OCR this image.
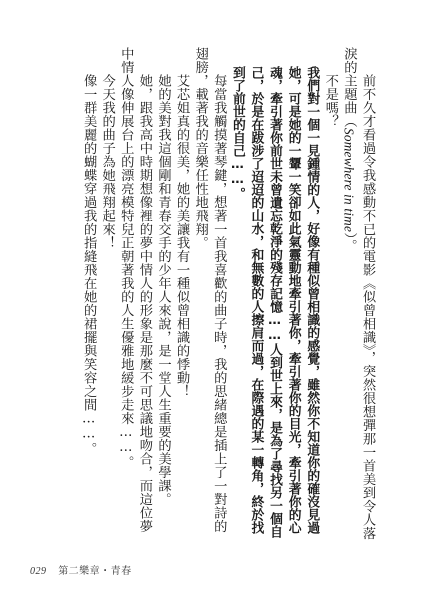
前不久才看過令我感動不已的電影《似曾相識》，突然很想彈那一首美到令人落淚的主題曲（Somewhere in time）。

不是嗎？

我們對一個一見鍾情的人，好像有種似曾相識的感覺，雖然你不知道你的確沒見過她，可是她的一顰一笑卻如此氣靈動地牽引著你，牽引著你的目光，牽引著你的心魂，牽引著你前世未曾遺忘乾淨的殘存記憶……人到世上來，是為了尋找另一個自己，於是在跋涉了迢迢的山水，和無數的人擦肩而過，在際遇的某一轉角，終於找到了前世的自己……。

每當我觸摸著琴鍵，想著一首我喜歡的曲子時，我的思緒總是插上了一對詩的翅膀，載著我的音樂任性地飛翔。

艾芯姐真的很美，她的美讓我有一種似曾相識的悸動！

她的美對我這個剛和青春交手的少年人來說，是一堂人生重要的美學課。

她，跟我高中時期想像裡的夢中情人的形象是那麼不可思議地吻合，而這位夢中情人像伸展台上的漂亮模特兒正朝著我的人生優雅地緩步走來……。

今天我的曲子為她飛翔起來！

像一群美麗的蝴蝶穿過我的指縫飛在她的裙擺與笑容之間……。

029 第二樂章・青春
